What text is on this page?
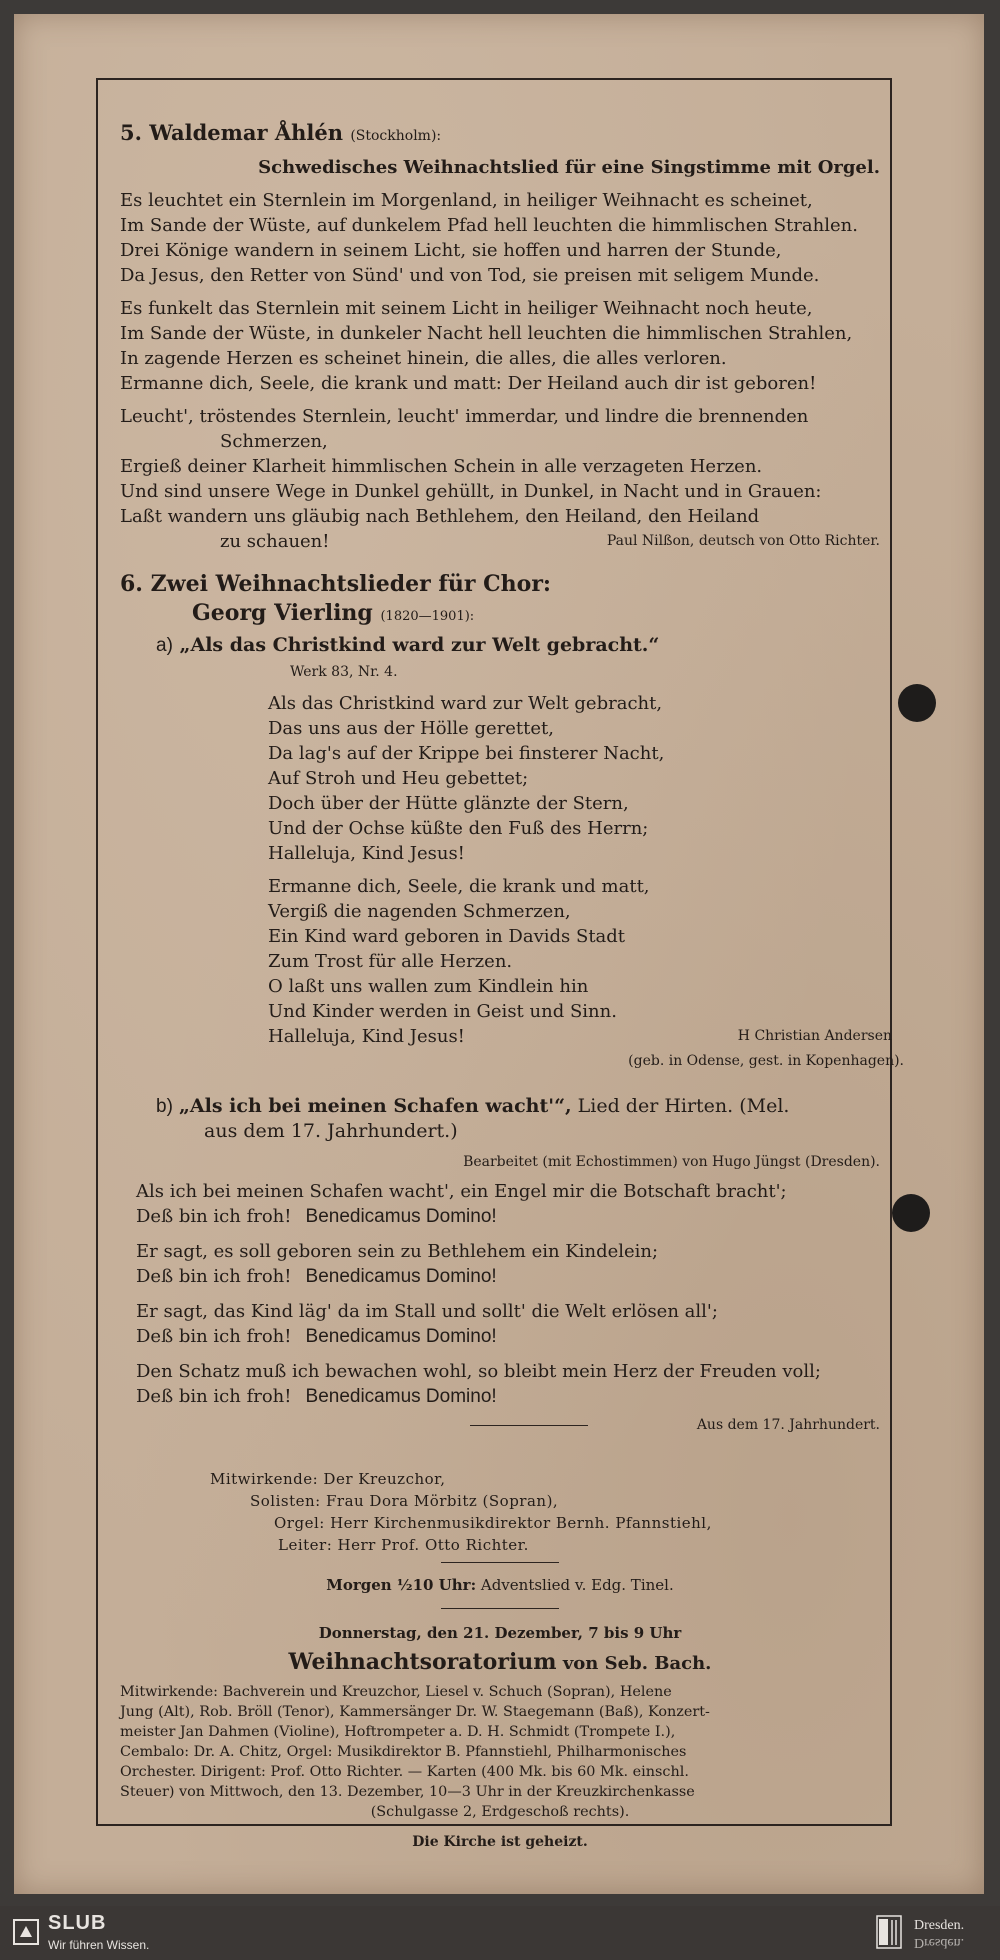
5. Waldemar Åhlén (Stockholm):
Schwedisches Weihnachtslied für eine Singstimme mit Orgel.
Es leuchtet ein Sternlein im Morgenland, in heiliger Weihnacht es scheinet,
Im Sande der Wüste, auf dunkelem Pfad hell leuchten die himmlischen Strahlen.
Drei Könige wandern in seinem Licht, sie hoffen und harren der Stunde,
Da Jesus, den Retter von Sünd' und von Tod, sie preisen mit seligem Munde.
Es funkelt das Sternlein mit seinem Licht in heiliger Weihnacht noch heute,
Im Sande der Wüste, in dunkeler Nacht hell leuchten die himmlischen Strahlen,
In zagende Herzen es scheinet hinein, die alles, die alles verloren.
Ermanne dich, Seele, die krank und matt: Der Heiland auch dir ist geboren!
Leucht', tröstendes Sternlein, leucht' immerdar, und lindre die brennenden
Schmerzen,
Ergieß deiner Klarheit himmlischen Schein in alle verzageten Herzen.
Und sind unsere Wege in Dunkel gehüllt, in Dunkel, in Nacht und in Grauen:
Laßt wandern uns gläubig nach Bethlehem, den Heiland, den Heiland
zu schauen!	Paul Nilßon, deutsch von Otto Richter.
6. Zwei Weihnachtslieder für Chor:
Georg Vierling (1820—1901):
a) „Als das Christkind ward zur Welt gebracht.“
Werk 83, Nr. 4.
Als das Christkind ward zur Welt gebracht,
Das uns aus der Hölle gerettet,
Da lag's auf der Krippe bei finsterer Nacht,
Auf Stroh und Heu gebettet;
Doch über der Hütte glänzte der Stern,
Und der Ochse küßte den Fuß des Herrn;
Halleluja, Kind Jesus!
Ermanne dich, Seele, die krank und matt,
Vergiß die nagenden Schmerzen,
Ein Kind ward geboren in Davids Stadt
Zum Trost für alle Herzen.
O laßt uns wallen zum Kindlein hin
Und Kinder werden in Geist und Sinn.
Halleluja, Kind Jesus!	H Christian Andersen
(geb. in Odense, gest. in Kopenhagen).
b) „Als ich bei meinen Schafen wacht'“, Lied der Hirten. (Mel.
aus dem 17. Jahrhundert.)
Bearbeitet (mit Echostimmen) von Hugo Jüngst (Dresden).
Als ich bei meinen Schafen wacht', ein Engel mir die Botschaft bracht';
Deß bin ich froh! Benedicamus Domino!
Er sagt, es soll geboren sein zu Bethlehem ein Kindelein;
Deß bin ich froh! Benedicamus Domino!
Er sagt, das Kind läg' da im Stall und sollt' die Welt erlösen all';
Deß bin ich froh! Benedicamus Domino!
Den Schatz muß ich bewachen wohl, so bleibt mein Herz der Freuden voll;
Deß bin ich froh! Benedicamus Domino!
Aus dem 17. Jahrhundert.
Mitwirkende: Der Kreuzchor,
Solisten: Frau Dora Mörbitz (Sopran),
Orgel: Herr Kirchenmusikdirektor Bernh. Pfannstiehl,
Leiter: Herr Prof. Otto Richter.
Morgen ½10 Uhr: Adventslied v. Edg. Tinel.
Donnerstag, den 21. Dezember, 7 bis 9 Uhr
Weihnachtsoratorium von Seb. Bach.
Mitwirkende: Bachverein und Kreuzchor, Liesel v. Schuch (Sopran), Helene
Jung (Alt), Rob. Bröll (Tenor), Kammersänger Dr. W. Staegemann (Baß), Konzert-
meister Jan Dahmen (Violine), Hoftrompeter a. D. H. Schmidt (Trompete I.),
Cembalo: Dr. A. Chitz, Orgel: Musikdirektor B. Pfannstiehl, Philharmonisches
Orchester. Dirigent: Prof. Otto Richter. — Karten (400 Mk. bis 60 Mk. einschl.
Steuer) von Mittwoch, den 13. Dezember, 10—3 Uhr in der Kreuzkirchenkasse
(Schulgasse 2, Erdgeschoß rechts).
Die Kirche ist geheizt.
SLUB
Wir führen Wissen.
Dresden.
Dresden.
